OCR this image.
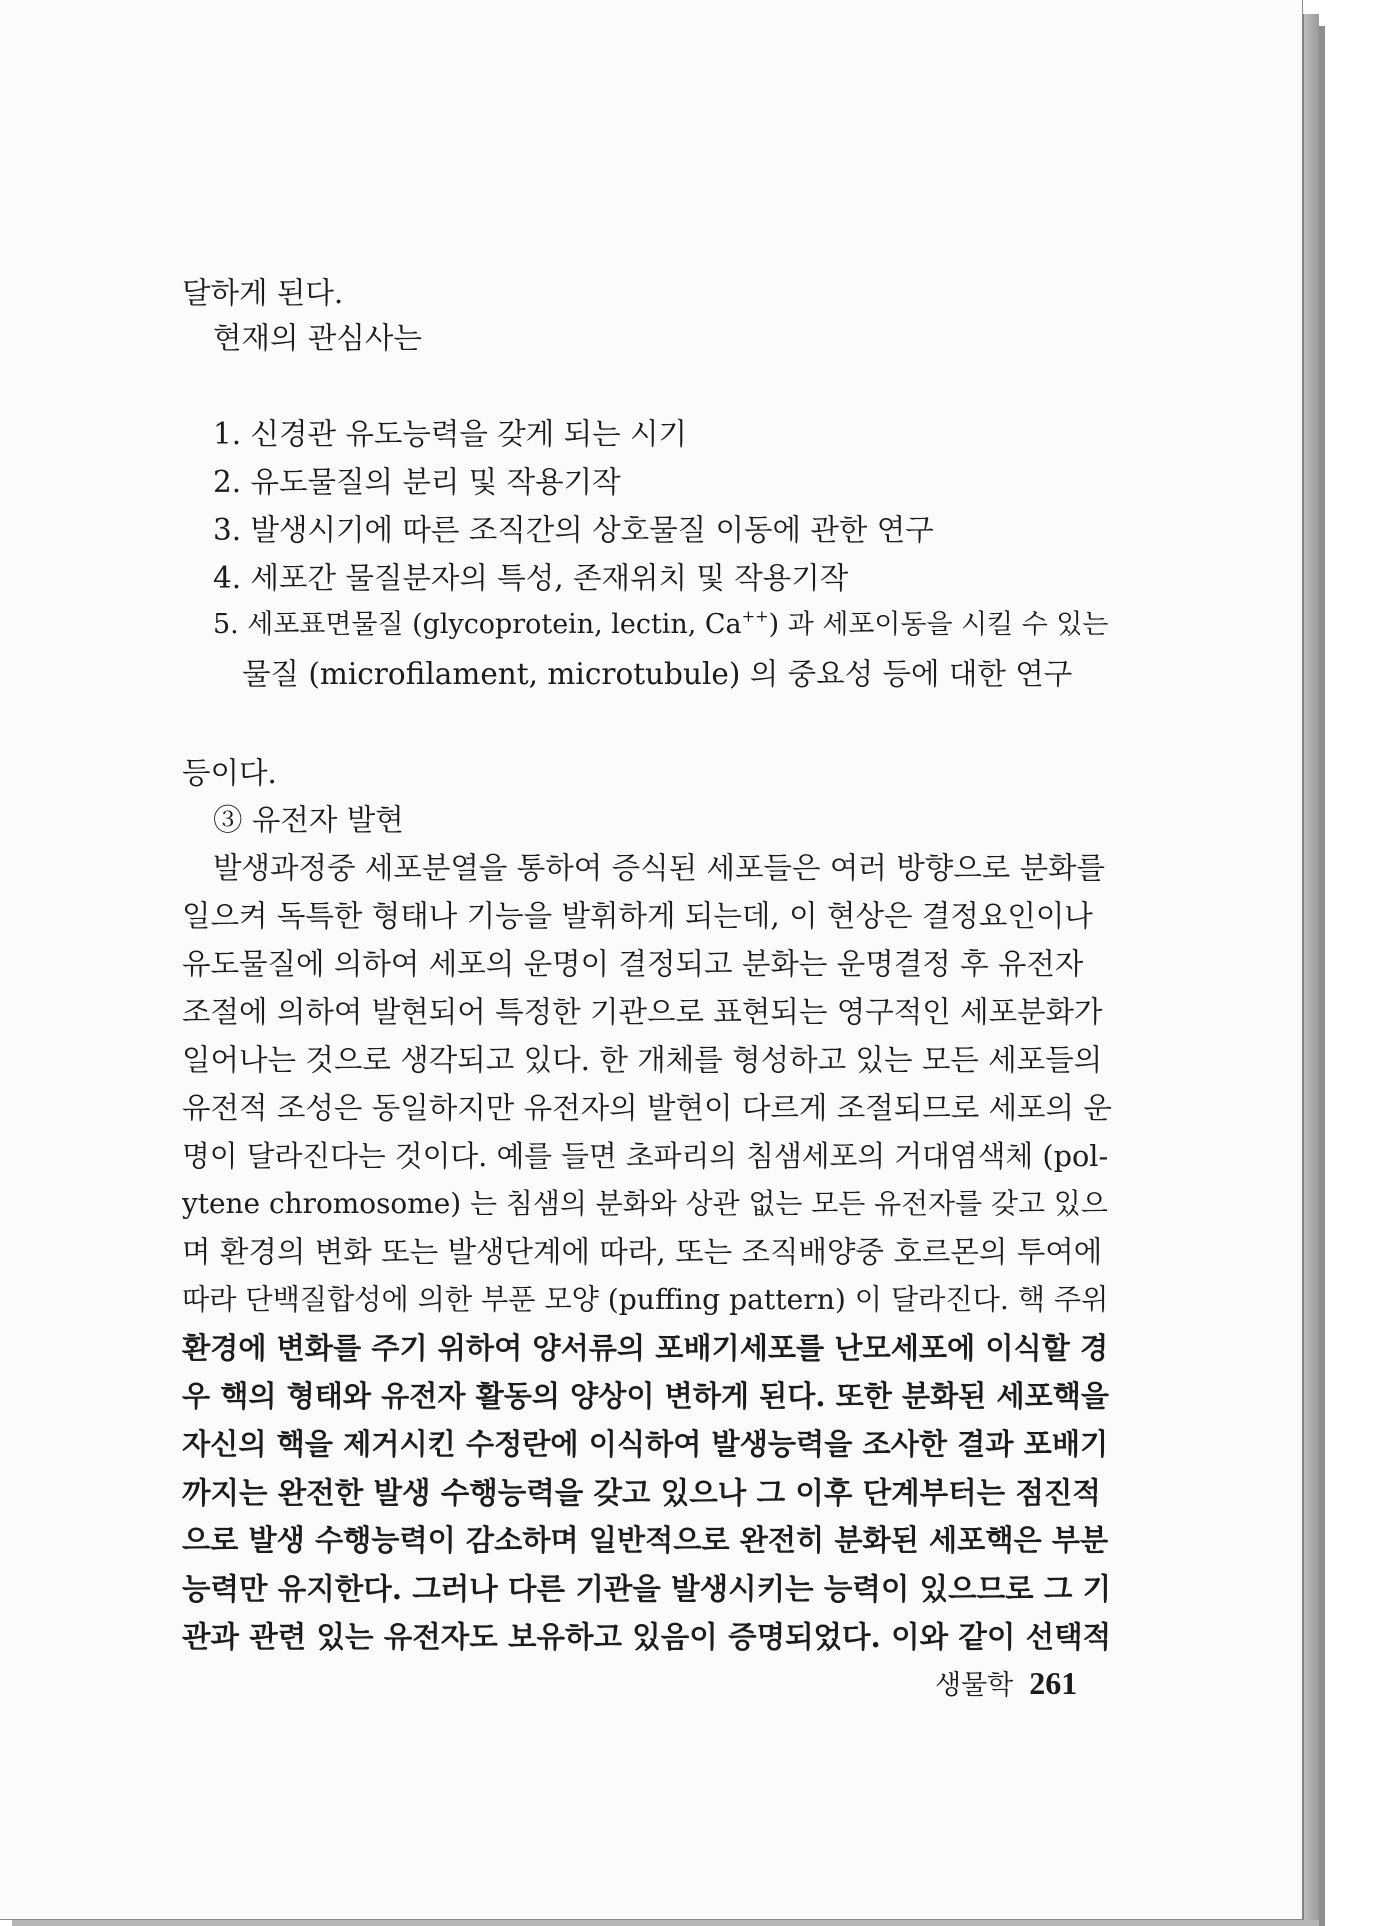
달하게 된다.
현재의 관심사는
1. 신경관 유도능력을 갖게 되는 시기
2. 유도물질의 분리 및 작용기작
3. 발생시기에 따른 조직간의 상호물질 이동에 관한 연구
4. 세포간 물질분자의 특성, 존재위치 및 작용기작
5. 세포표면물질 (glycoprotein, lectin, Ca++) 과 세포이동을 시킬 수 있는
물질 (microfilament, microtubule) 의 중요성 등에 대한 연구
등이다.
③ 유전자 발현
발생과정중 세포분열을 통하여 증식된 세포들은 여러 방향으로 분화를
일으켜 독특한 형태나 기능을 발휘하게 되는데, 이 현상은 결정요인이나
유도물질에 의하여 세포의 운명이 결정되고 분화는 운명결정 후 유전자
조절에 의하여 발현되어 특정한 기관으로 표현되는 영구적인 세포분화가
일어나는 것으로 생각되고 있다. 한 개체를 형성하고 있는 모든 세포들의
유전적 조성은 동일하지만 유전자의 발현이 다르게 조절되므로 세포의 운
명이 달라진다는 것이다. 예를 들면 초파리의 침샘세포의 거대염색체 (pol-
ytene chromosome) 는 침샘의 분화와 상관 없는 모든 유전자를 갖고 있으
며 환경의 변화 또는 발생단계에 따라, 또는 조직배양중 호르몬의 투여에
따라 단백질합성에 의한 부푼 모양 (puffing pattern) 이 달라진다. 핵 주위
환경에 변화를 주기 위하여 양서류의 포배기세포를 난모세포에 이식할 경
우 핵의 형태와 유전자 활동의 양상이 변하게 된다. 또한 분화된 세포핵을
자신의 핵을 제거시킨 수정란에 이식하여 발생능력을 조사한 결과 포배기
까지는 완전한 발생 수행능력을 갖고 있으나 그 이후 단계부터는 점진적
으로 발생 수행능력이 감소하며 일반적으로 완전히 분화된 세포핵은 부분
능력만 유지한다. 그러나 다른 기관을 발생시키는 능력이 있으므로 그 기
관과 관련 있는 유전자도 보유하고 있음이 증명되었다. 이와 같이 선택적
생물학 261
